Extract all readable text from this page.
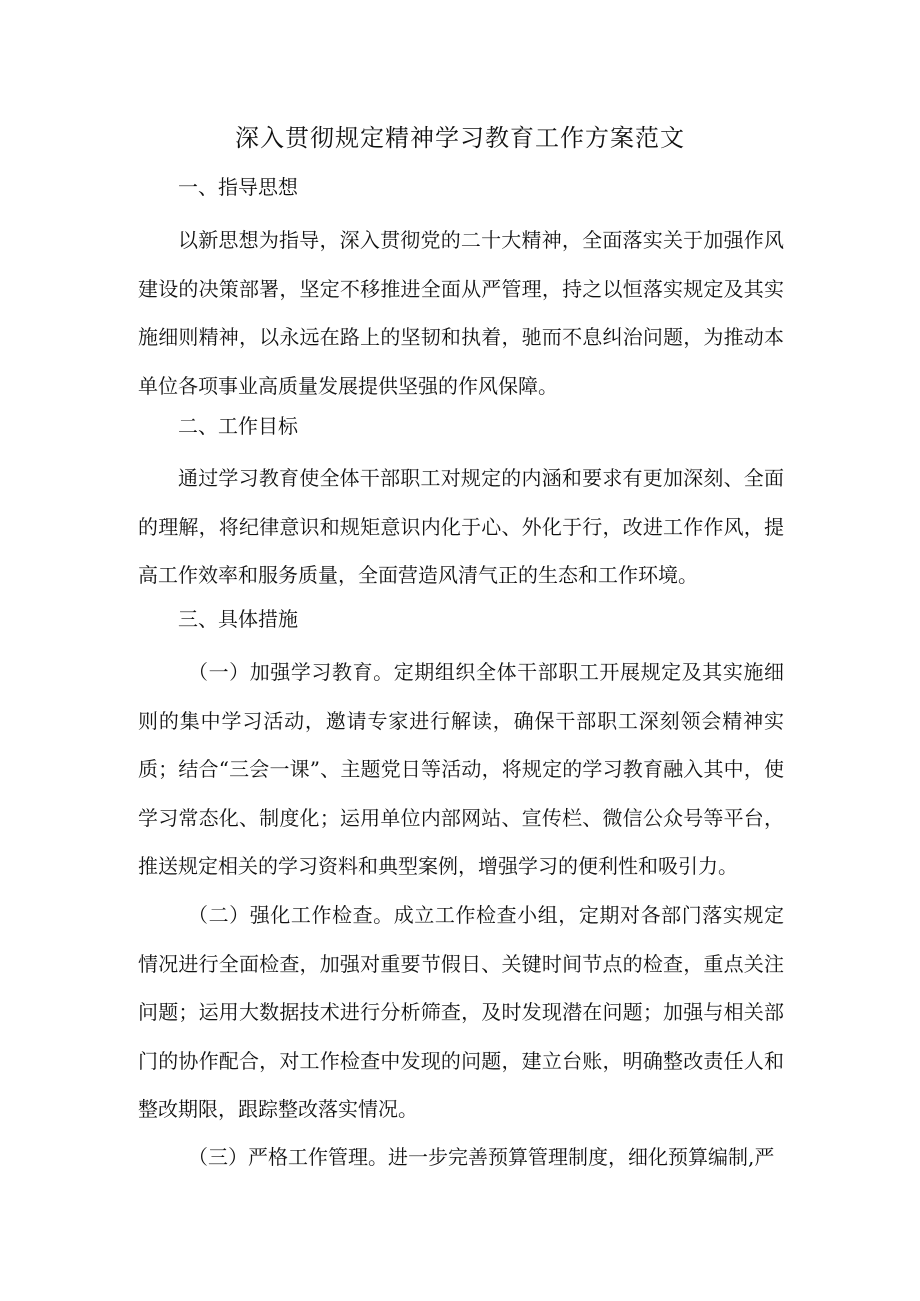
深入贯彻规定精神学习教育工作方案范文
一、指导思想
以新思想为指导，深入贯彻党的二十大精神，全面落实关于加强作风建设的决策部署，坚定不移推进全面从严管理，持之以恒落实规定及其实施细则精神，以永远在路上的坚韧和执着，驰而不息纠治问题，为推动本单位各项事业高质量发展提供坚强的作风保障。
二、工作目标
通过学习教育使全体干部职工对规定的内涵和要求有更加深刻、全面的理解，将纪律意识和规矩意识内化于心、外化于行，改进工作作风，提高工作效率和服务质量，全面营造风清气正的生态和工作环境。
三、具体措施
（一）加强学习教育。定期组织全体干部职工开展规定及其实施细则的集中学习活动，邀请专家进行解读，确保干部职工深刻领会精神实质；结合“三会一课”、主题党日等活动，将规定的学习教育融入其中，使学习常态化、制度化；运用单位内部网站、宣传栏、微信公众号等平台，推送规定相关的学习资料和典型案例，增强学习的便利性和吸引力。
（二）强化工作检查。成立工作检查小组，定期对各部门落实规定情况进行全面检查，加强对重要节假日、关键时间节点的检查，重点关注问题；运用大数据技术进行分析筛查，及时发现潜在问题；加强与相关部门的协作配合，对工作检查中发现的问题，建立台账，明确整改责任人和整改期限，跟踪整改落实情况。
（三）严格工作管理。进一步完善预算管理制度，细化预算编制,严
